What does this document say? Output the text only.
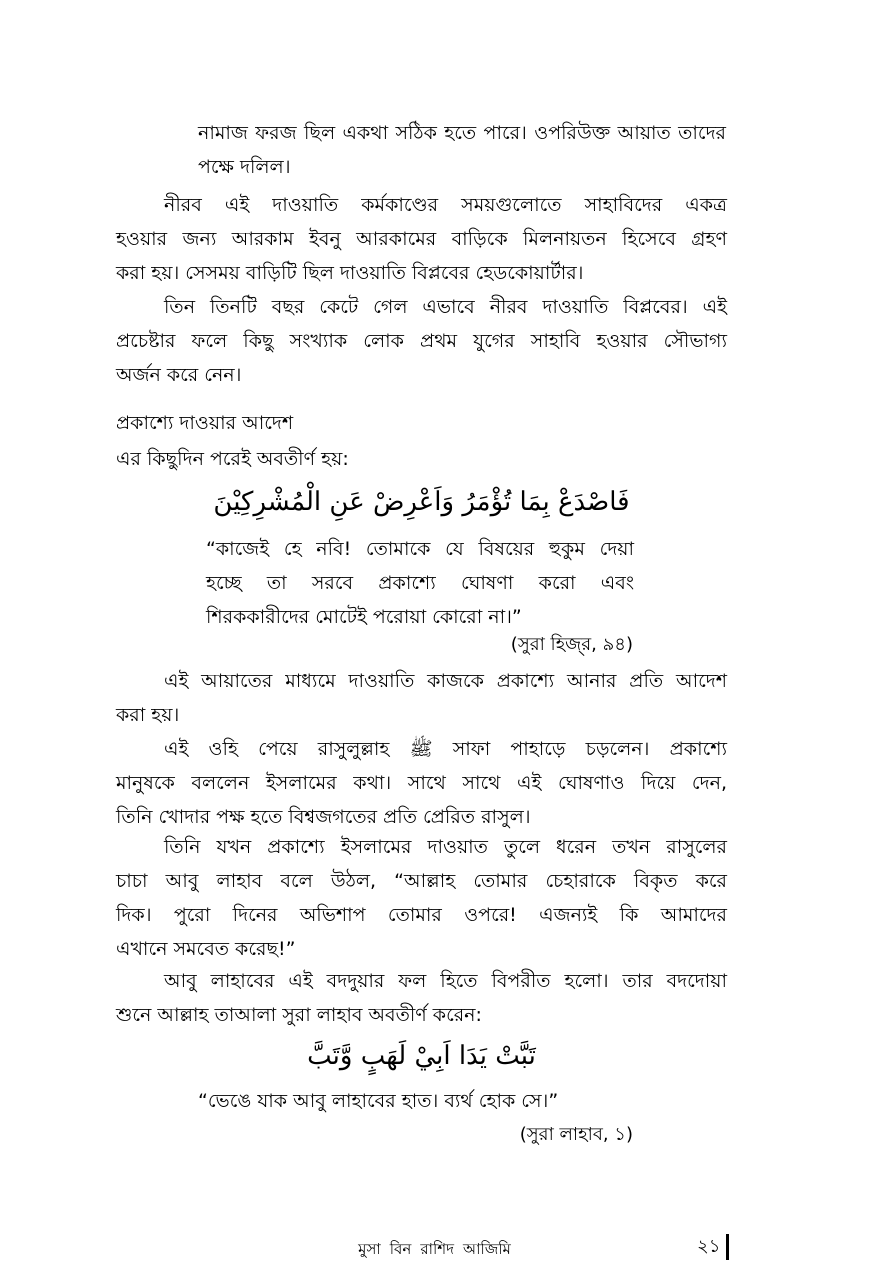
নামাজ ফরজ ছিল একথা সঠিক হতে পারে। ওপরিউক্ত আয়াত তাদের
পক্ষে দলিল।
নীরব এই দাওয়াতি কর্মকাণ্ডের সময়গুলোতে সাহাবিদের একত্র
হওয়ার জন্য আরকাম ইবনু আরকামের বাড়িকে মিলনায়তন হিসেবে গ্রহণ
করা হয়। সেসময় বাড়িটি ছিল দাওয়াতি বিপ্লবের হেডকোয়ার্টার।
তিন তিনটি বছর কেটে গেল এভাবে নীরব দাওয়াতি বিপ্লবের। এই
প্রচেষ্টার ফলে কিছু সংখ্যাক লোক প্রথম যুগের সাহাবি হওয়ার সৌভাগ্য
অর্জন করে নেন।
প্রকাশ্যে দাওয়ার আদেশ
এর কিছুদিন পরেই অবতীর্ণ হয়:
فَاصْدَعْ بِمَا تُؤْمَرُ وَاَعْرِضْ عَنِ الْمُشْرِكِيْنَ
“কাজেই হে নবি! তোমাকে যে বিষয়ের হুকুম দেয়া
হচ্ছে তা সরবে প্রকাশ্যে ঘোষণা করো এবং
শিরককারীদের মোটেই পরোয়া কোরো না।”
(সুরা হিজ্‌র, ৯৪)
এই আয়াতের মাধ্যমে দাওয়াতি কাজকে প্রকাশ্যে আনার প্রতি আদেশ
করা হয়।
এই ওহি পেয়ে রাসুলুল্লাহ ﷺ সাফা পাহাড়ে চড়লেন। প্রকাশ্যে
মানুষকে বললেন ইসলামের কথা। সাথে সাথে এই ঘোষণাও দিয়ে দেন,
তিনি খোদার পক্ষ হতে বিশ্বজগতের প্রতি প্রেরিত রাসুল।
তিনি যখন প্রকাশ্যে ইসলামের দাওয়াত তুলে ধরেন তখন রাসুলের
চাচা আবু লাহাব বলে উঠল, “আল্লাহ তোমার চেহারাকে বিকৃত করে
দিক। পুরো দিনের অভিশাপ তোমার ওপরে! এজন্যই কি আমাদের
এখানে সমবেত করেছ!”
আবু লাহাবের এই বদদুয়ার ফল হিতে বিপরীত হলো। তার বদদোয়া
শুনে আল্লাহ তাআলা সুরা লাহাব অবতীর্ণ করেন:
تَبَّتْ يَدَا اَبِيْ لَهَبٍ وَّتَبَّ
“ভেঙে যাক আবু লাহাবের হাত। ব্যর্থ হোক সে।”
(সুরা লাহাব, ১)
মুসা বিন রাশিদ আজিমি	২১
